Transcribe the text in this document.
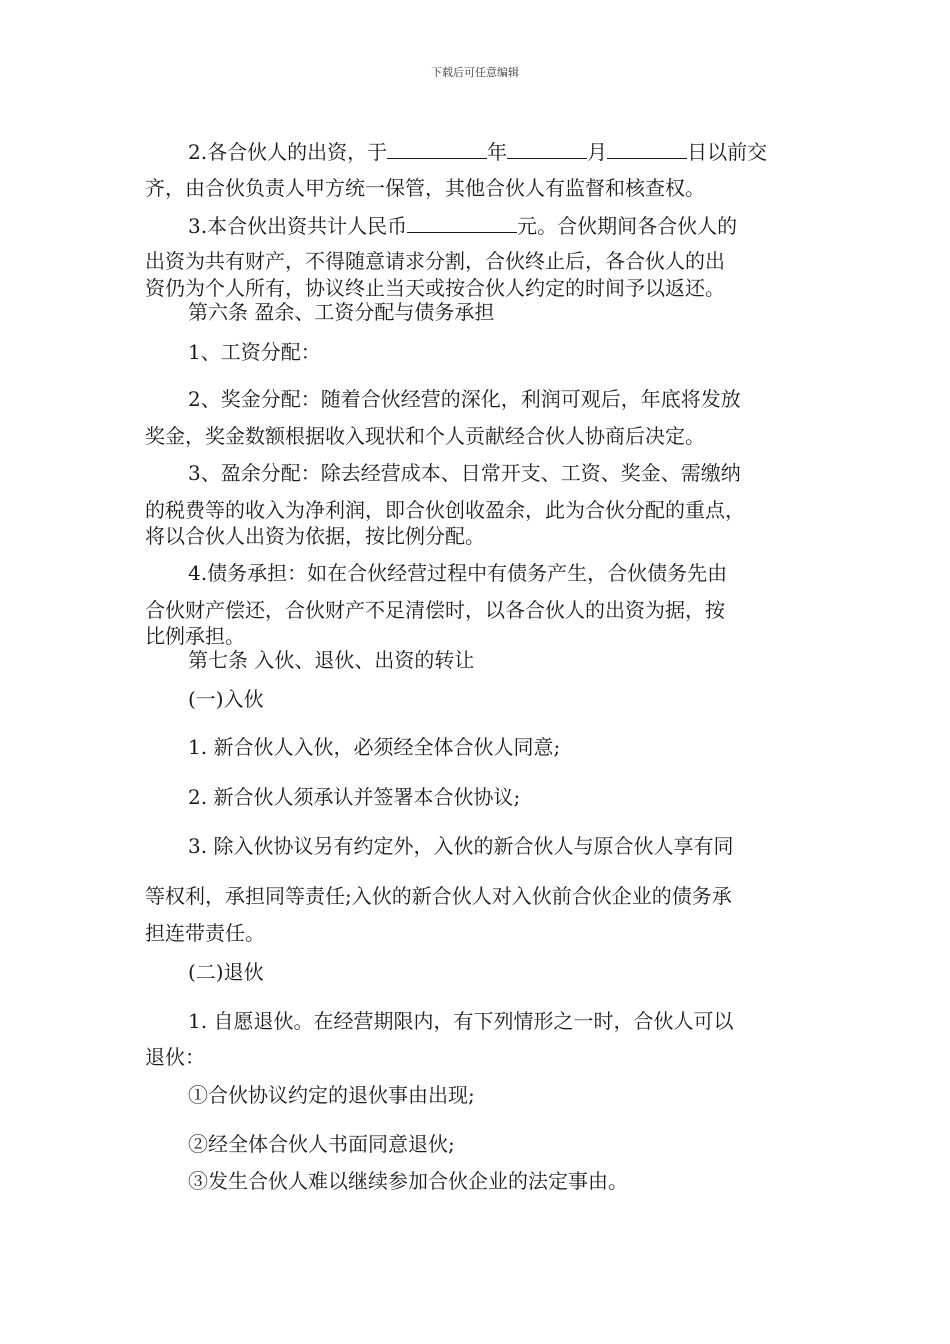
下载后可任意编辑
2.各合伙人的出资，于	年	月	日以前交
齐，由合伙负责人甲方统一保管，其他合伙人有监督和核查权。
3.本合伙出资共计人民币	元。合伙期间各合伙人的
出资为共有财产，不得随意请求分割，合伙终止后，各合伙人的出
资仍为个人所有，协议终止当天或按合伙人约定的时间予以返还。
第六条 盈余、工资分配与债务承担
1、工资分配：
2、奖金分配：随着合伙经营的深化，利润可观后，年底将发放
奖金，奖金数额根据收入现状和个人贡献经合伙人协商后决定。
3、盈余分配：除去经营成本、日常开支、工资、奖金、需缴纳
的税费等的收入为净利润，即合伙创收盈余，此为合伙分配的重点，
将以合伙人出资为依据，按比例分配。
4.债务承担：如在合伙经营过程中有债务产生，合伙债务先由
合伙财产偿还，合伙财产不足清偿时，以各合伙人的出资为据，按
比例承担。
第七条 入伙、退伙、出资的转让
(一)入伙
1. 新合伙人入伙，必须经全体合伙人同意;
2. 新合伙人须承认并签署本合伙协议;
3. 除入伙协议另有约定外，入伙的新合伙人与原合伙人享有同
等权利，承担同等责任;入伙的新合伙人对入伙前合伙企业的债务承
担连带责任。
(二)退伙
1. 自愿退伙。在经营期限内，有下列情形之一时，合伙人可以
退伙：
①合伙协议约定的退伙事由出现;
②经全体合伙人书面同意退伙;
③发生合伙人难以继续参加合伙企业的法定事由。
